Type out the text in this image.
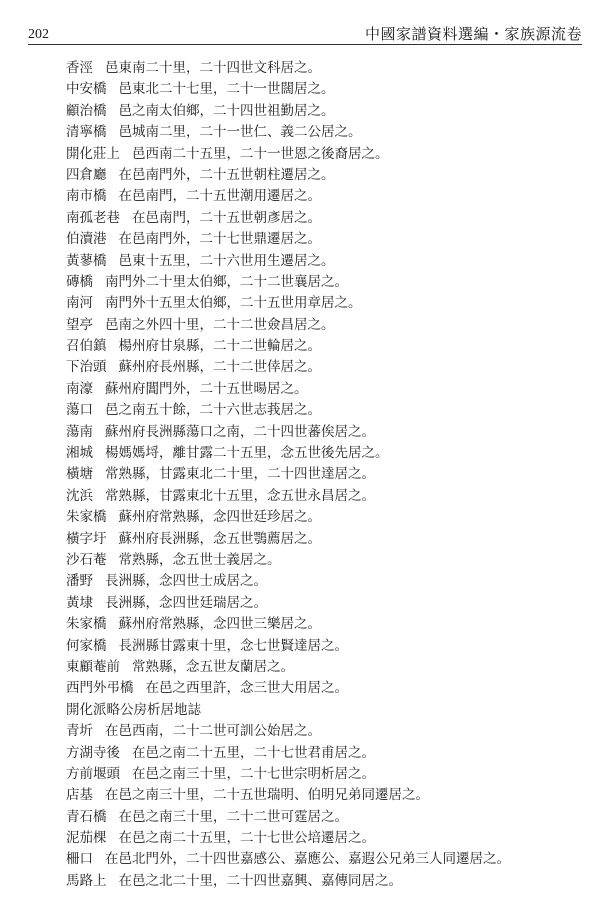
202	中國家譜資料選編・家族源流卷
香涇 邑東南二十里，二十四世文科居之。
中安橋 邑東北二十七里，二十一世闊居之。
顧治橋 邑之南太伯鄉，二十四世祖勤居之。
清寧橋 邑城南二里，二十一世仁、義二公居之。
開化莊上 邑西南二十五里，二十一世恩之後裔居之。
四倉廳 在邑南門外，二十五世朝柱遷居之。
南市橋 在邑南門，二十五世潮用遷居之。
南孤老巷 在邑南門，二十五世朝彥居之。
伯瀆港 在邑南門外，二十七世鼎遷居之。
黃蓼橋 邑東十五里，二十六世用生遷居之。
磚橋 南門外二十里太伯鄉，二十二世襄居之。
南河 南門外十五里太伯鄉，二十五世用章居之。
望亭 邑南之外四十里，二十二世僉昌居之。
召伯鎮 楊州府甘泉縣，二十二世輪居之。
下治頭 蘇州府長州縣，二十二世倖居之。
南濠 蘇州府閶門外，二十五世暘居之。
蕩口 邑之南五十餘，二十六世志莪居之。
蕩南 蘇州府長洲縣蕩口之南，二十四世蕃俟居之。
湘城 楊媽媽埒，離甘露二十五里，念五世後先居之。
橫塘 常熟縣，甘露東北二十里，二十四世達居之。
沈浜 常熟縣，甘露東北十五里，念五世永昌居之。
朱家橋 蘇州府常熟縣，念四世廷珍居之。
橫字圩 蘇州府長洲縣，念五世鶚薦居之。
沙石菴 常熟縣，念五世士義居之。
潘野 長洲縣，念四世士成居之。
黃埭 長洲縣，念四世廷瑞居之。
朱家橋 蘇州府常熟縣，念四世三樂居之。
何家橋 長洲縣甘露東十里，念七世賢達居之。
東顧菴前 常熟縣，念五世友蘭居之。
西門外弔橋 在邑之西里許，念三世大用居之。
開化派略公房析居地誌
青圻 在邑西南，二十二世可訓公始居之。
方湖寺後 在邑之南二十五里，二十七世君甫居之。
方前堰頭 在邑之南三十里，二十七世宗明析居之。
店基 在邑之南三十里，二十五世瑞明、伯明兄弟同遷居之。
青石橋 在邑之南三十里，二十二世可霆居之。
泥茄棵 在邑之南二十五里，二十七世公培遷居之。
柵口 在邑北門外，二十四世嘉感公、嘉應公、嘉遐公兄弟三人同遷居之。
馬路上 在邑之北二十里，二十四世嘉興、嘉傳同居之。
